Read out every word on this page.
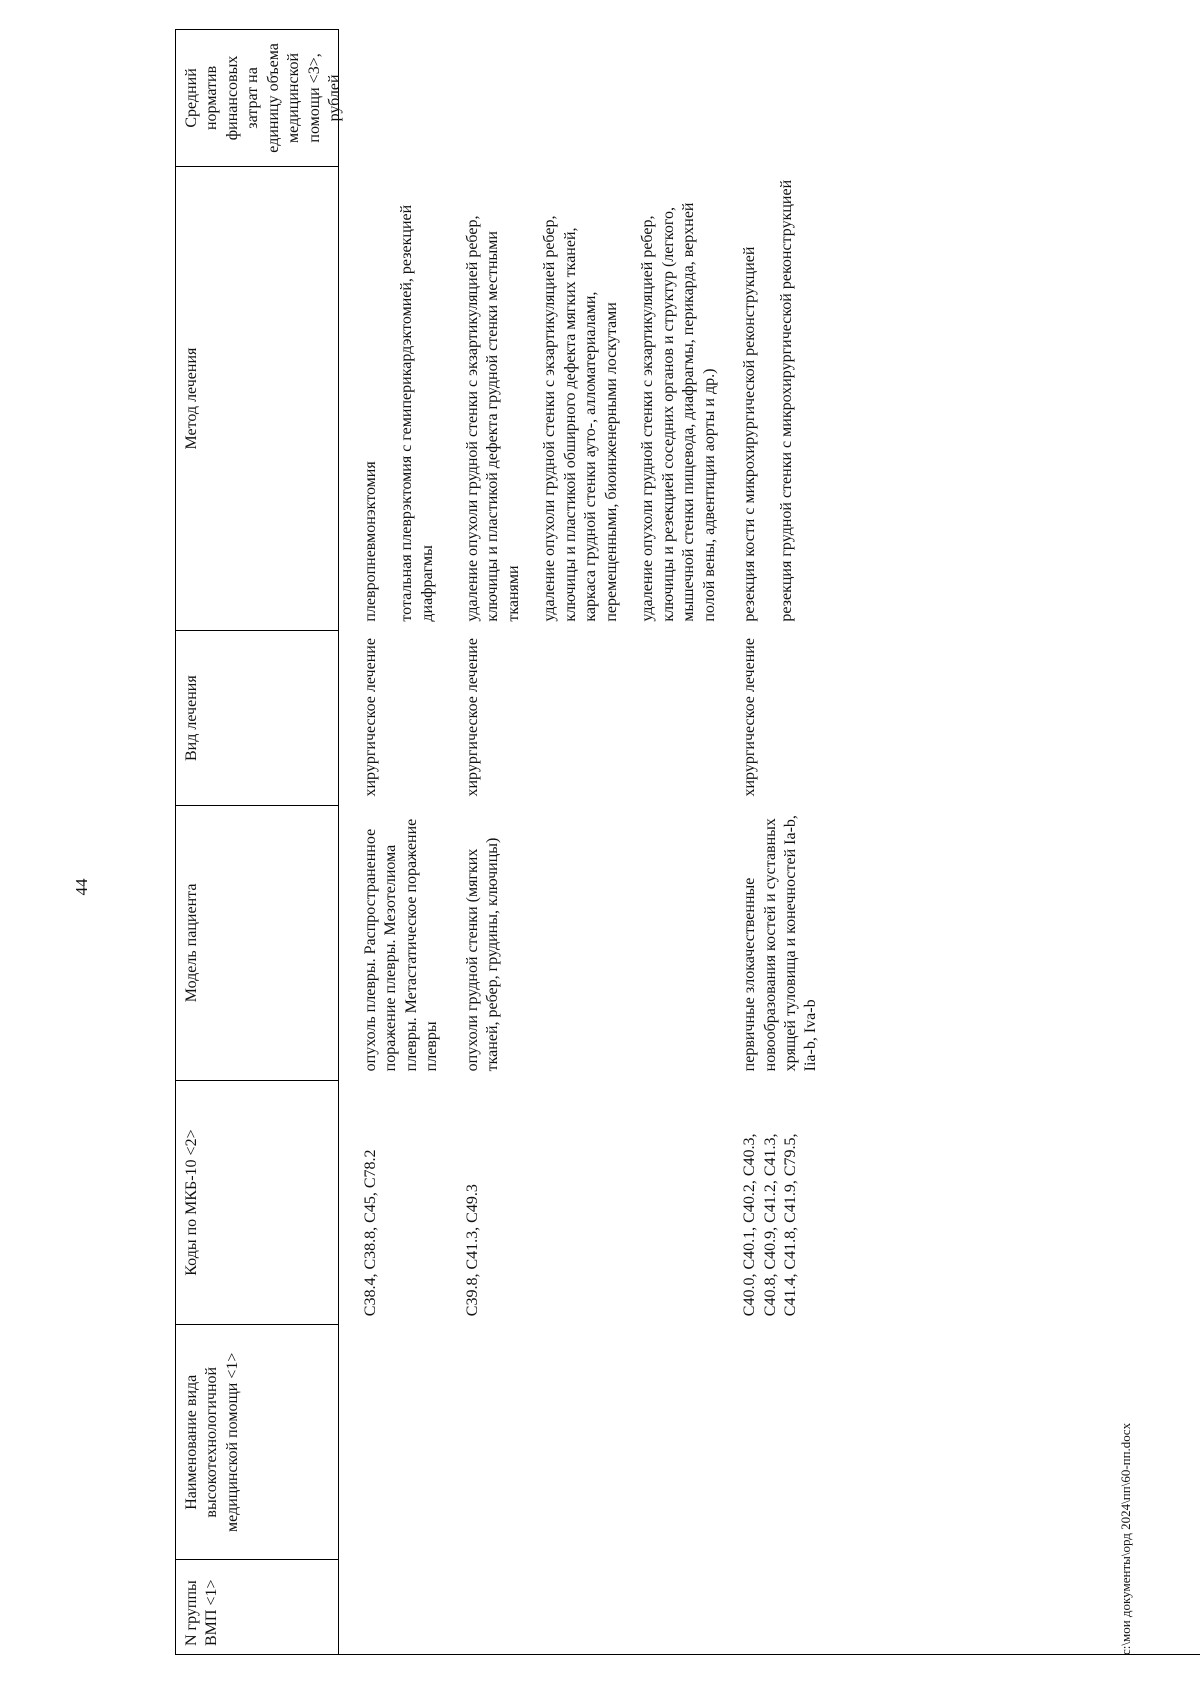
44
N группы ВМП <1>
Наименование вида высокотехнологичной медицинской помощи <1>
Коды по МКБ-10 <2>
Модель пациента
Вид лечения
Метод лечения
Средний норматив финансовых затрат на единицу объема медицинской помощи <3>, рублей
C38.4, C38.8, C45, C78.2
опухоль плевры. Распространенное поражение плевры. Мезотелиома плевры. Метастатическое поражение плевры
хирургическое лечение
плевропневмонэктомия тотальная плеврэктомия с гемиперикардэктомией, резекцией диафрагмы
C39.8, C41.3, C49.3
опухоли грудной стенки (мягких тканей, ребер, грудины, ключицы)
хирургическое лечение
удаление опухоли грудной стенки с экзартикуляцией ребер, ключицы и пластикой дефекта грудной стенки местными тканями удаление опухоли грудной стенки с экзартикуляцией ребер, ключицы и пластикой обширного дефекта мягких тканей, каркаса грудной стенки ауто-, алломатериалами, перемещенными, биоинженерными лоскутами удаление опухоли грудной стенки с экзартикуляцией ребер, ключицы и резекцией соседних органов и структур (легкого, мышечной стенки пищевода, диафрагмы, перикарда, верхней полой вены, адвентиции аорты и др.)
C40.0, C40.1, C40.2, C40.3, C40.8, C40.9, C41.2, C41.3, C41.4, C41.8, C41.9, C79.5,
первичные злокачественные новообразования костей и суставных хрящей туловища и конечностей Ia-b, Iia-b, Iva-b
хирургическое лечение
резекция кости с микрохирургической реконструкцией резекция грудной стенки с микрохирургической реконструкцией
c:\мои документы\орд 2024\пп\60-пп.docx
